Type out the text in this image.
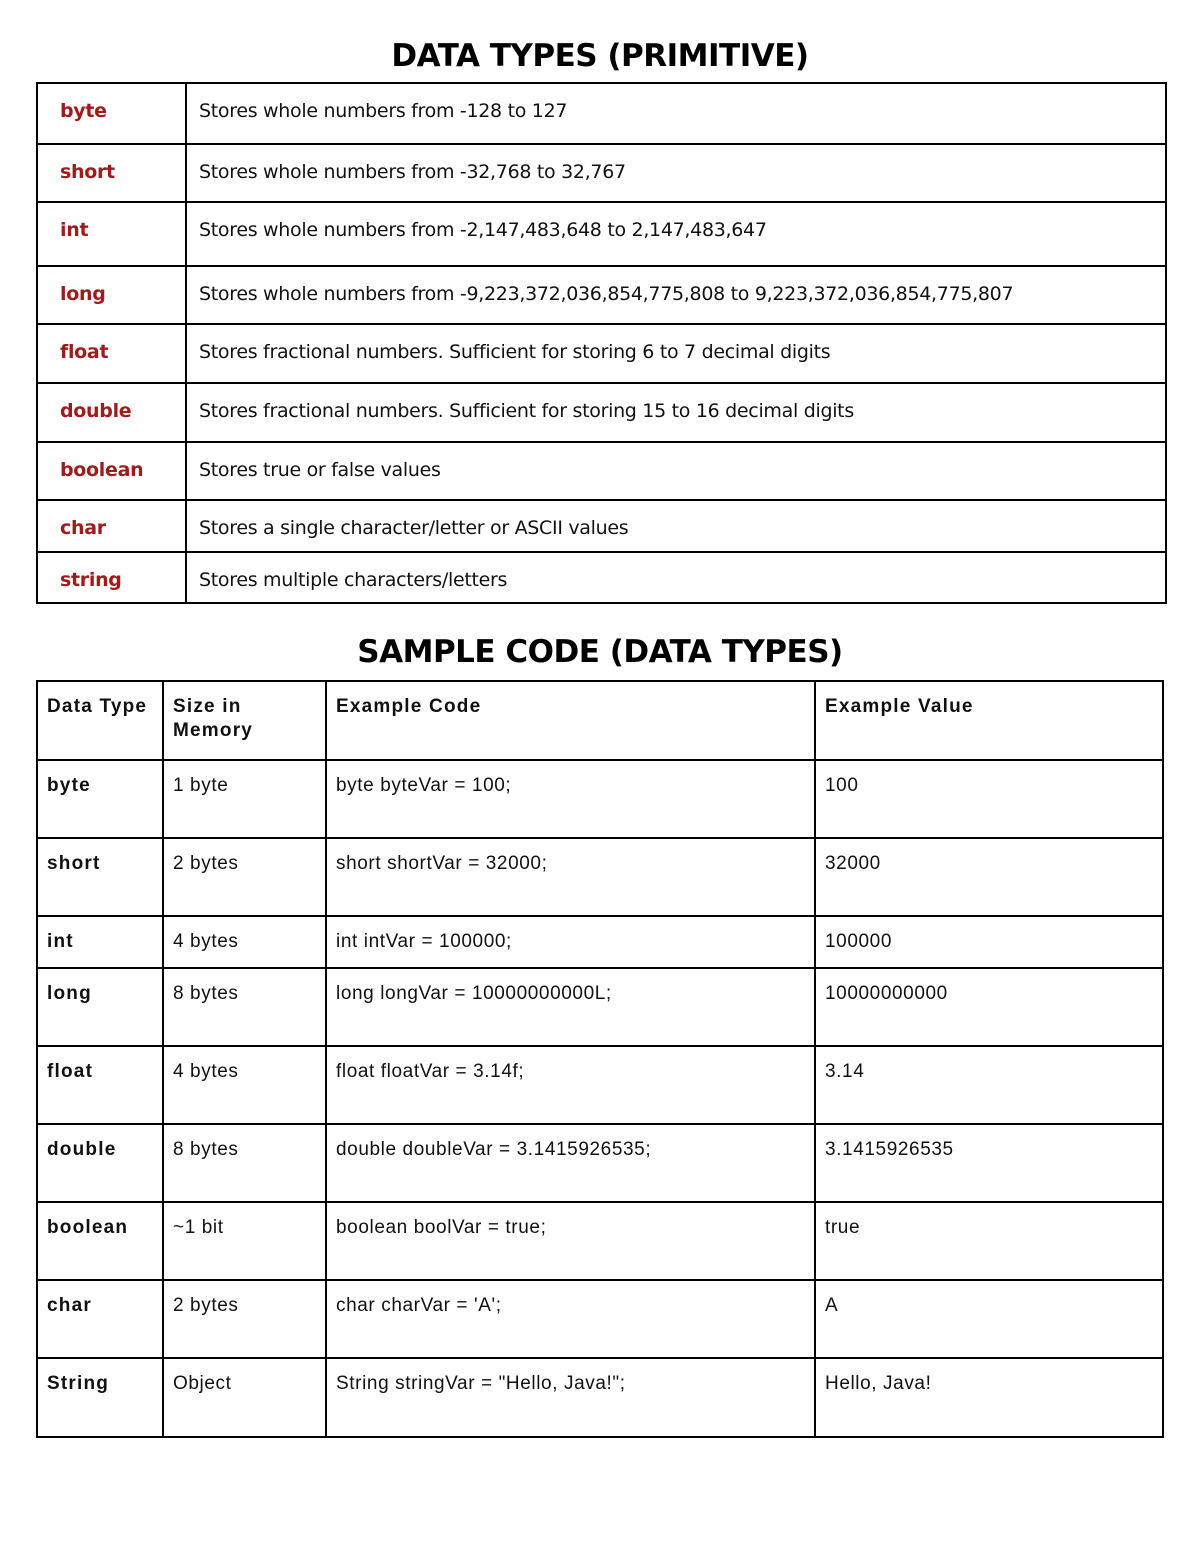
DATA TYPES (PRIMITIVE)
byte	Stores whole numbers from -128 to 127
short	Stores whole numbers from -32,768 to 32,767
int	Stores whole numbers from -2,147,483,648 to 2,147,483,647
long	Stores whole numbers from -9,223,372,036,854,775,808 to 9,223,372,036,854,775,807
float	Stores fractional numbers. Sufficient for storing 6 to 7 decimal digits
double	Stores fractional numbers. Sufficient for storing 15 to 16 decimal digits
boolean	Stores true or false values
char	Stores a single character/letter or ASCII values
string	Stores multiple characters/letters
SAMPLE CODE (DATA TYPES)
Data Type	Size in Memory	Example Code	Example Value
byte	1 byte	byte byteVar = 100;	100
short	2 bytes	short shortVar = 32000;	32000
int	4 bytes	int intVar = 100000;	100000
long	8 bytes	long longVar = 10000000000L;	10000000000
float	4 bytes	float floatVar = 3.14f;	3.14
double	8 bytes	double doubleVar = 3.1415926535;	3.1415926535
boolean	~1 bit	boolean boolVar = true;	true
char	2 bytes	char charVar = 'A';	A
String	Object	String stringVar = "Hello, Java!";	Hello, Java!
